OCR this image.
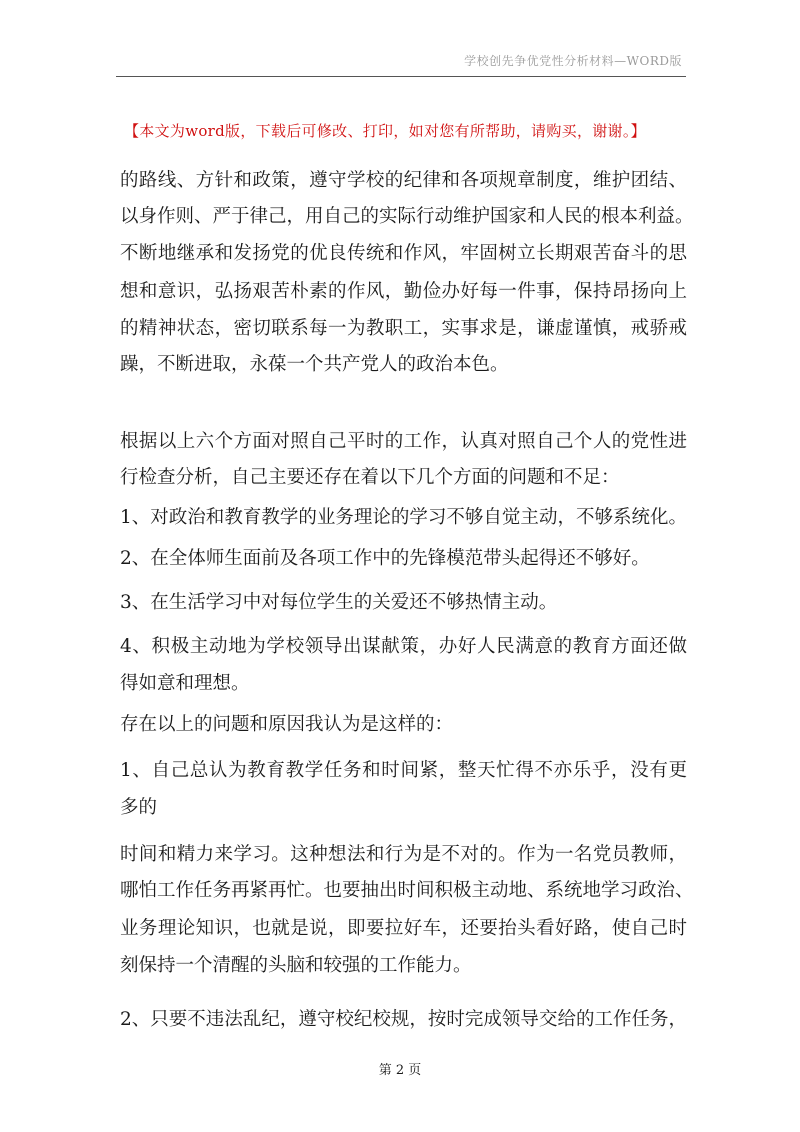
学校创先争优党性分析材料—WORD版
【本文为word版，下载后可修改、打印，如对您有所帮助，请购买，谢谢。】
的路线、方针和政策，遵守学校的纪律和各项规章制度，维护团结、
以身作则、严于律己，用自己的实际行动维护国家和人民的根本利益。
不断地继承和发扬党的优良传统和作风，牢固树立长期艰苦奋斗的思
想和意识，弘扬艰苦朴素的作风，勤俭办好每一件事，保持昂扬向上
的精神状态，密切联系每一为教职工，实事求是，谦虚谨慎，戒骄戒
躁，不断进取，永葆一个共产党人的政治本色。
根据以上六个方面对照自己平时的工作，认真对照自己个人的党性进
行检查分析，自己主要还存在着以下几个方面的问题和不足：
1、对政治和教育教学的业务理论的学习不够自觉主动，不够系统化。
2、在全体师生面前及各项工作中的先锋模范带头起得还不够好。
3、在生活学习中对每位学生的关爱还不够热情主动。
4、积极主动地为学校领导出谋献策，办好人民满意的教育方面还做
得如意和理想。
存在以上的问题和原因我认为是这样的：
1、自己总认为教育教学任务和时间紧，整天忙得不亦乐乎，没有更
多的
时间和精力来学习。这种想法和行为是不对的。作为一名党员教师，
哪怕工作任务再紧再忙。也要抽出时间积极主动地、系统地学习政治、
业务理论知识，也就是说，即要拉好车，还要抬头看好路，使自己时
刻保持一个清醒的头脑和较强的工作能力。
2、只要不违法乱纪，遵守校纪校规，按时完成领导交给的工作任务，
第 2 页
